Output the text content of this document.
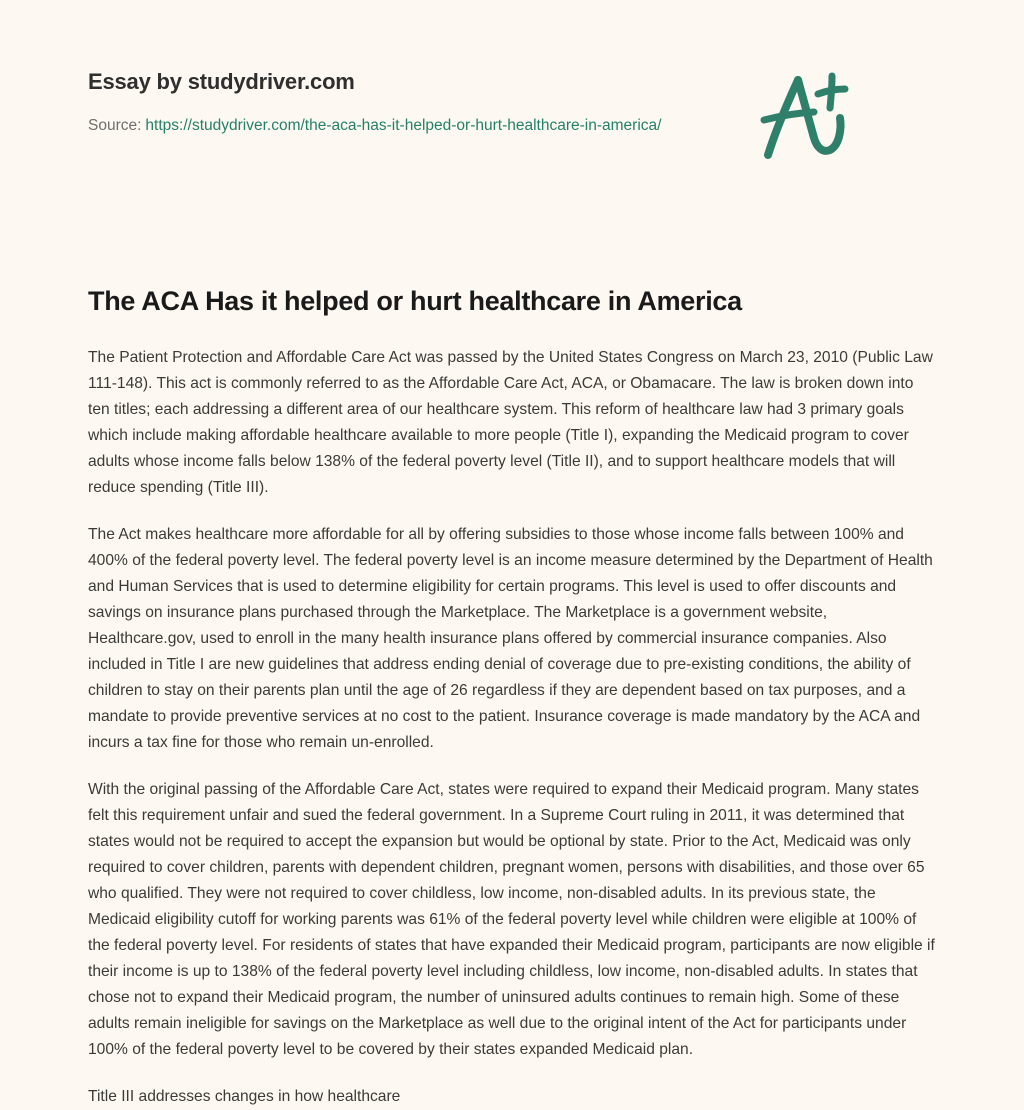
Essay by studydriver.com
Source: https://studydriver.com/the-aca-has-it-helped-or-hurt-healthcare-in-america/
The ACA Has it helped or hurt healthcare in America

The Patient Protection and Affordable Care Act was passed by the United States Congress on March 23, 2010 (Public Law 111-148). This act is commonly referred to as the Affordable Care Act, ACA, or Obamacare. The law is broken down into ten titles; each addressing a different area of our healthcare system. This reform of healthcare law had 3 primary goals which include making affordable healthcare available to more people (Title I), expanding the Medicaid program to cover adults whose income falls below 138% of the federal poverty level (Title II), and to support healthcare models that will reduce spending (Title III).

The Act makes healthcare more affordable for all by offering subsidies to those whose income falls between 100% and 400% of the federal poverty level. The federal poverty level is an income measure determined by the Department of Health and Human Services that is used to determine eligibility for certain programs. This level is used to offer discounts and savings on insurance plans purchased through the Marketplace. The Marketplace is a government website, Healthcare.gov, used to enroll in the many health insurance plans offered by commercial insurance companies. Also included in Title I are new guidelines that address ending denial of coverage due to pre-existing conditions, the ability of children to stay on their parents plan until the age of 26 regardless if they are dependent based on tax purposes, and a mandate to provide preventive services at no cost to the patient. Insurance coverage is made mandatory by the ACA and incurs a tax fine for those who remain un-enrolled.

With the original passing of the Affordable Care Act, states were required to expand their Medicaid program. Many states felt this requirement unfair and sued the federal government. In a Supreme Court ruling in 2011, it was determined that states would not be required to accept the expansion but would be optional by state. Prior to the Act, Medicaid was only required to cover children, parents with dependent children, pregnant women, persons with disabilities, and those over 65 who qualified. They were not required to cover childless, low income, non-disabled adults. In its previous state, the Medicaid eligibility cutoff for working parents was 61% of the federal poverty level while children were eligible at 100% of the federal poverty level. For residents of states that have expanded their Medicaid program, participants are now eligible if their income is up to 138% of the federal poverty level including childless, low income, non-disabled adults. In states that chose not to expand their Medicaid program, the number of uninsured adults continues to remain high. Some of these adults remain ineligible for savings on the Marketplace as well due to the original intent of the Act for participants under 100% of the federal poverty level to be covered by their states expanded Medicaid plan.

Title III addresses changes in how healthcare
